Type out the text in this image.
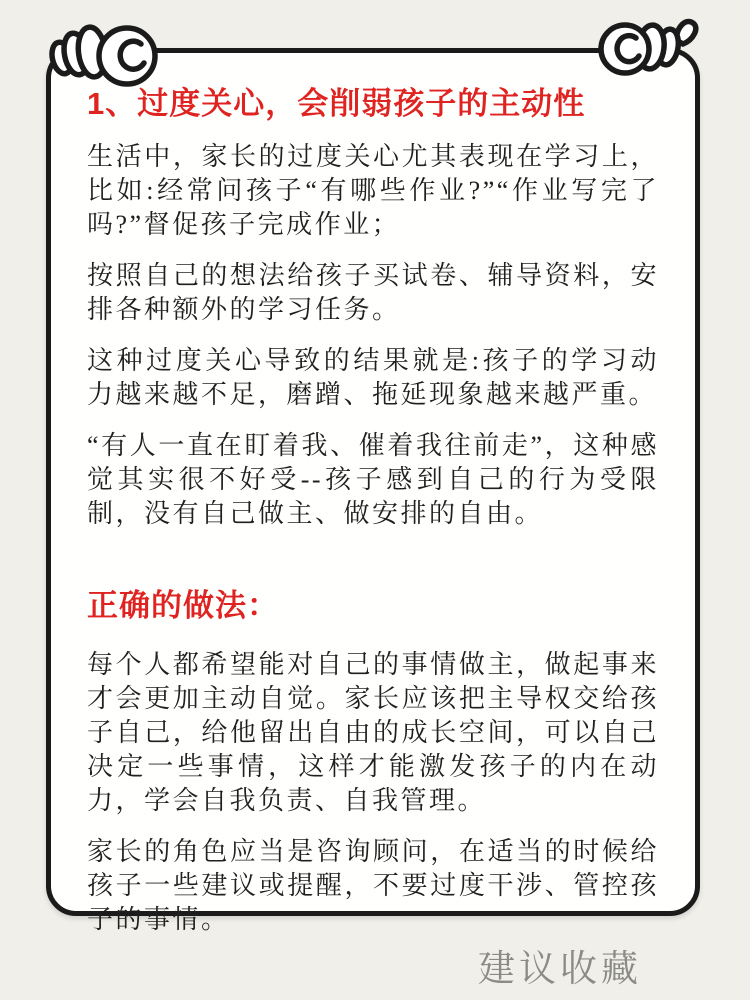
1、过度关心，会削弱孩子的主动性

生活中，家长的过度关心尤其表现在学习上，比如:经常问孩子“有哪些作业?”“作业写完了吗?”督促孩子完成作业；

按照自己的想法给孩子买试卷、辅导资料，安排各种额外的学习任务。

这种过度关心导致的结果就是:孩子的学习动力越来越不足，磨蹭、拖延现象越来越严重。

“有人一直在盯着我、催着我往前走”，这种感觉其实很不好受--孩子感到自己的行为受限制，没有自己做主、做安排的自由。

正确的做法：

每个人都希望能对自己的事情做主，做起事来才会更加主动自觉。家长应该把主导权交给孩子自己，给他留出自由的成长空间，可以自己决定一些事情，这样才能激发孩子的内在动力，学会自我负责、自我管理。

家长的角色应当是咨询顾问，在适当的时候给孩子一些建议或提醒，不要过度干涉、管控孩子的事情。

建议收藏
